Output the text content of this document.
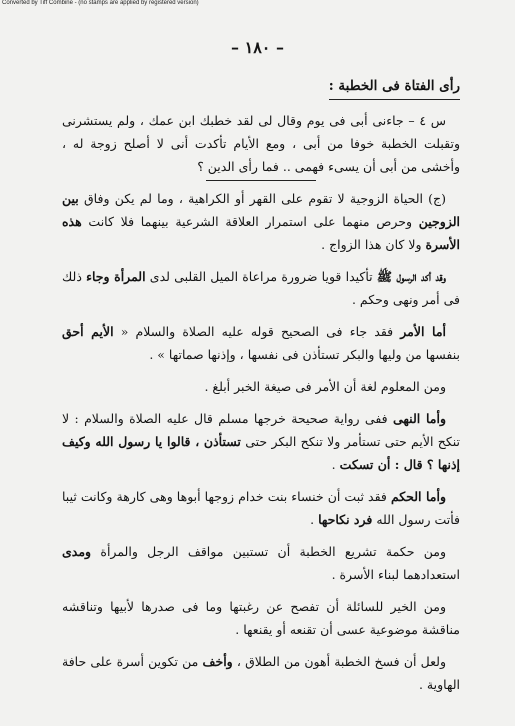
Converted by Tiff Combine - (no stamps are applied by registered version)
– ١٨٠ –
رأى الفتاة فى الخطبة :

س ٤ – جاءنى أبى فى يوم وقال لى لقد خطبك ابن عمك ، ولم يستشرنى وتقبلت الخطبة خوفا من أبى ، ومع الأيام تأكدت أنى لا أصلح زوجة له ، وأخشى من أبى أن يسىء فهمى .. فما رأى الدين ؟

(ج) الحياة الزوجية لا تقوم على القهر أو الكراهية ، وما لم يكن وفاق بين الزوجين وحرص منهما على استمرار العلاقة الشرعية بينهما فلا كانت هذه الأسرة ولا كان هذا الزواج .

وقد أكد الرسول ﷺ تأكيدا قويا ضرورة مراعاة الميل القلبى لدى المرأة وجاء ذلك فى أمر ونهى وحكم .

أما الأمر فقد جاء فى الصحيح قوله عليه الصلاة والسلام « الأيم أحق بنفسها من وليها والبكر تستأذن فى نفسها ، وإذنها صماتها » .

ومن المعلوم لغة أن الأمر فى صيغة الخبر أبلغ .

وأما النهى ففى رواية صحيحة خرجها مسلم قال عليه الصلاة والسلام : لا تنكح الأيم حتى تستأمر ولا تنكح البكر حتى تستأذن ، قالوا يا رسول الله وكيف إذنها ؟ قال : أن تسكت .

وأما الحكم فقد ثبت أن خنساء بنت خدام زوجها أبوها وهى كارهة وكانت ثيبا فأتت رسول الله فرد نكاحها .

ومن حكمة تشريع الخطبة أن تستبين مواقف الرجل والمرأة ومدى استعدادهما لبناء الأسرة .

ومن الخير للسائلة أن تفصح عن رغبتها وما فى صدرها لأبيها وتناقشه مناقشة موضوعية عسى أن تقنعه أو يقنعها .

ولعل أن فسخ الخطبة أهون من الطلاق ، وأخف من تكوين أسرة على حافة الهاوية .
